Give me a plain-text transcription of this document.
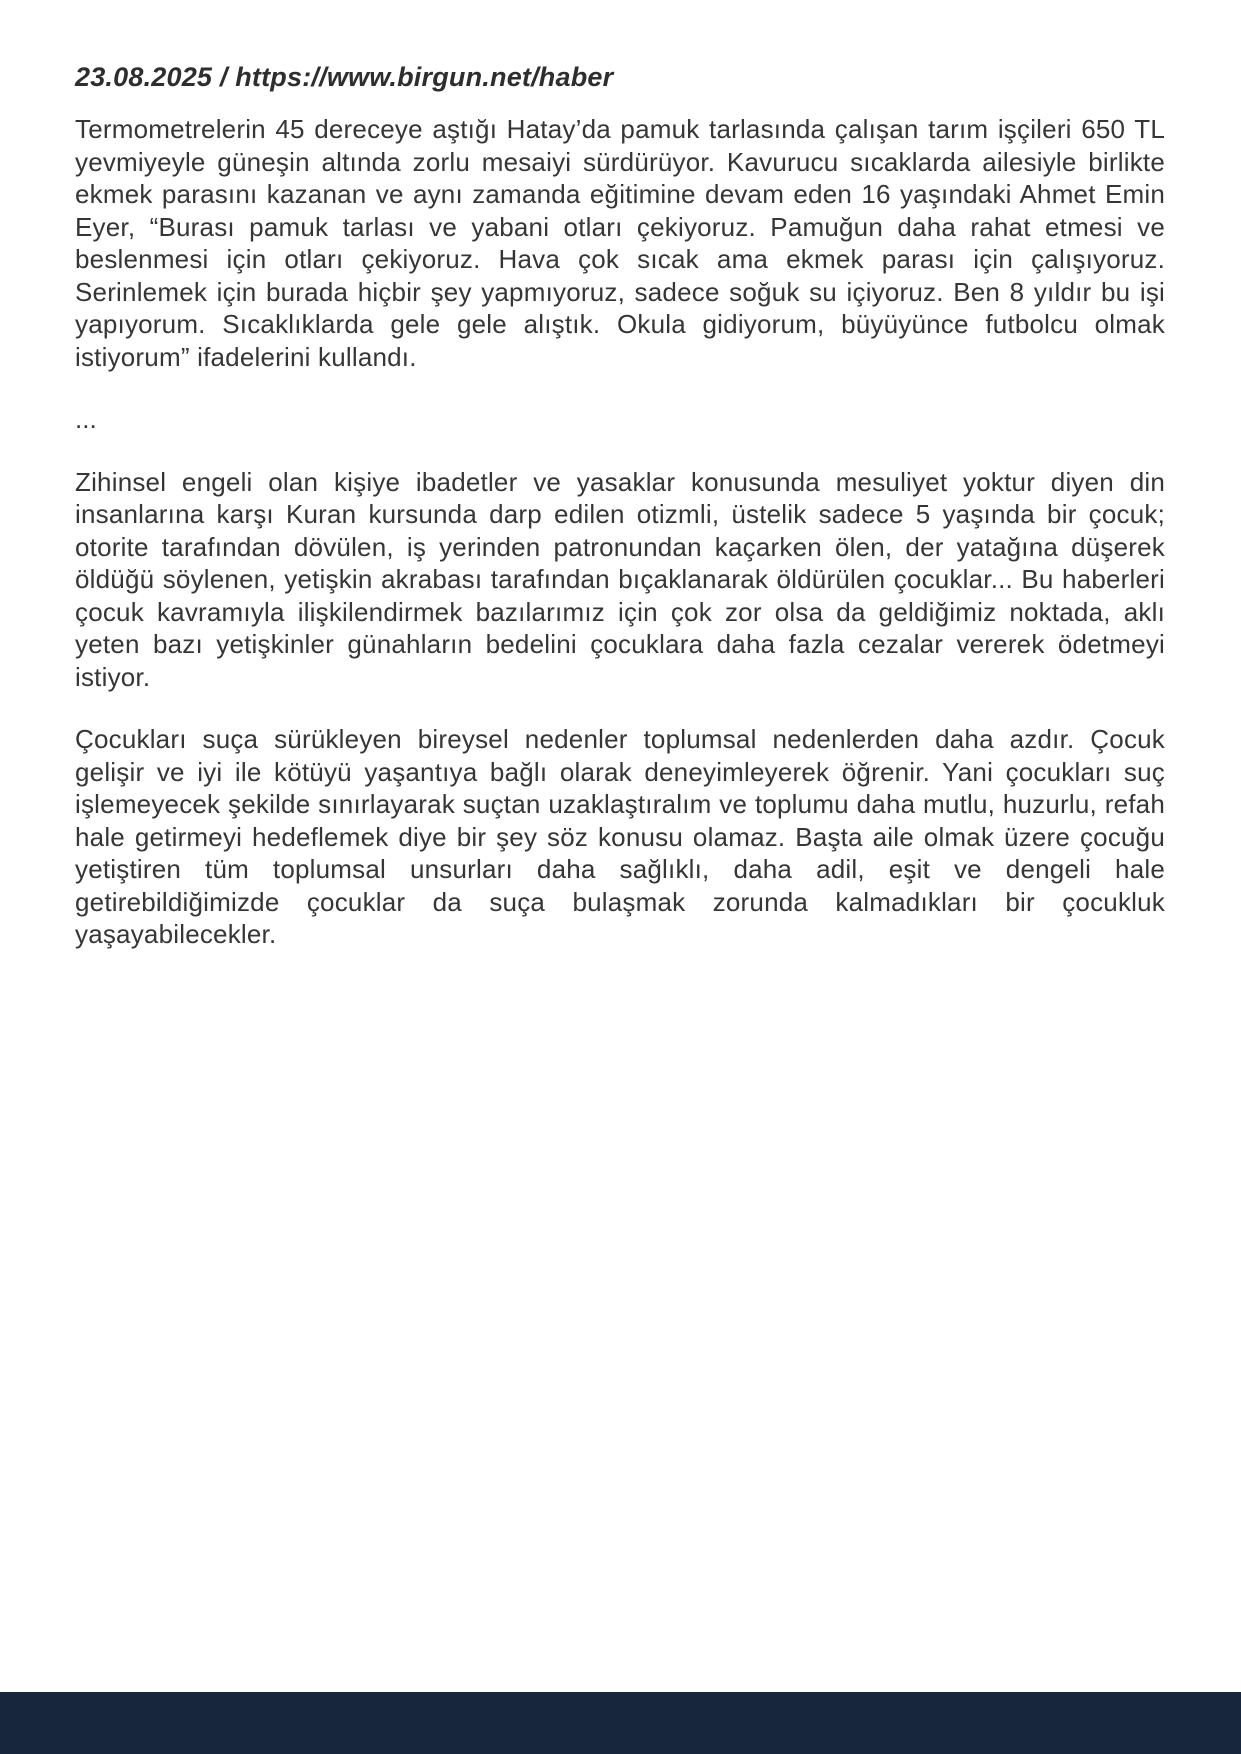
23.08.2025 / https://www.birgun.net/haber

Termometrelerin 45 dereceye aştığı Hatay’da pamuk tarlasında çalışan tarım işçileri 650 TL yevmiyeyle güneşin altında zorlu mesaiyi sürdürüyor. Kavurucu sıcaklarda ailesiyle birlikte ekmek parasını kazanan ve aynı zamanda eğitimine devam eden 16 yaşındaki Ahmet Emin Eyer, “Burası pamuk tarlası ve yabani otları çekiyoruz. Pamuğun daha rahat etmesi ve beslenmesi için otları çekiyoruz. Hava çok sıcak ama ekmek parası için çalışıyoruz. Serinlemek için burada hiçbir şey yapmıyoruz, sadece soğuk su içiyoruz. Ben 8 yıldır bu işi yapıyorum. Sıcaklıklarda gele gele alıştık. Okula gidiyorum, büyüyünce futbolcu olmak istiyorum” ifadelerini kullandı.

...

Zihinsel engeli olan kişiye ibadetler ve yasaklar konusunda mesuliyet yoktur diyen din insanlarına karşı Kuran kursunda darp edilen otizmli, üstelik sadece 5 yaşında bir çocuk; otorite tarafından dövülen, iş yerinden patronundan kaçarken ölen, der yatağına düşerek öldüğü söylenen, yetişkin akrabası tarafından bıçaklanarak öldürülen çocuklar... Bu haberleri çocuk kavramıyla ilişkilendirmek bazılarımız için çok zor olsa da geldiğimiz noktada, aklı yeten bazı yetişkinler günahların bedelini çocuklara daha fazla cezalar vererek ödetmeyi istiyor.

Çocukları suça sürükleyen bireysel nedenler toplumsal nedenlerden daha azdır. Çocuk gelişir ve iyi ile kötüyü yaşantıya bağlı olarak deneyimleyerek öğrenir. Yani çocukları suç işlemeyecek şekilde sınırlayarak suçtan uzaklaştıralım ve toplumu daha mutlu, huzurlu, refah hale getirmeyi hedeflemek diye bir şey söz konusu olamaz. Başta aile olmak üzere çocuğu yetiştiren tüm toplumsal unsurları daha sağlıklı, daha adil, eşit ve dengeli hale getirebildiğimizde çocuklar da suça bulaşmak zorunda kalmadıkları bir çocukluk yaşayabilecekler.
